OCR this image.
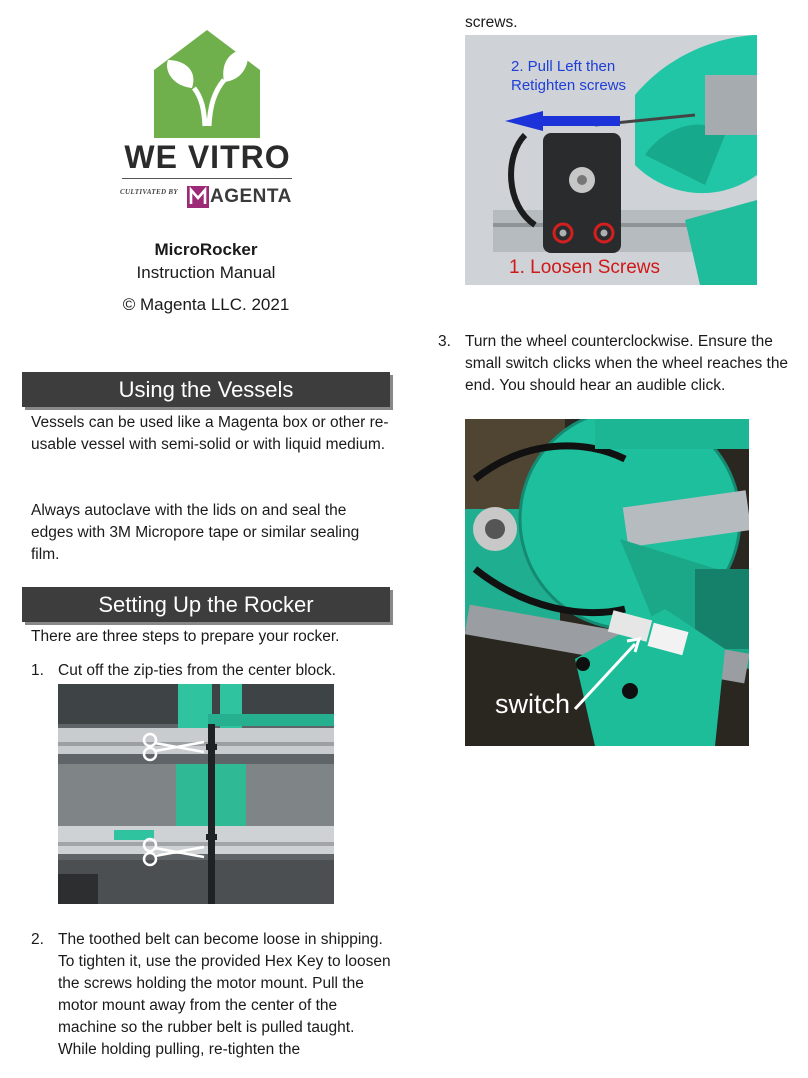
WE VITRO
CULTIVATED BY AGENTA
MicroRocker
Instruction Manual
© Magenta LLC. 2021
Using the Vessels
Vessels can be used like a Magenta box or other re-usable vessel with semi-solid or with liquid medium.
Always autoclave with the lids on and seal the edges with 3M Micropore tape or similar sealing film.
Setting Up the Rocker
There are three steps to prepare your rocker.
1. Cut off the zip-ties from the center block.
2. The toothed belt can become loose in shipping. To tighten it, use the provided Hex Key to loosen the screws holding the motor mount. Pull the motor mount away from the center of the machine so the rubber belt is pulled taught. While holding pulling, re-tighten the
screws.
2. Pull Left then
Retighten screws
1. Loosen Screws
3. Turn the wheel counterclockwise. Ensure the small switch clicks when the wheel reaches the end. You should hear an audible click.
switch
